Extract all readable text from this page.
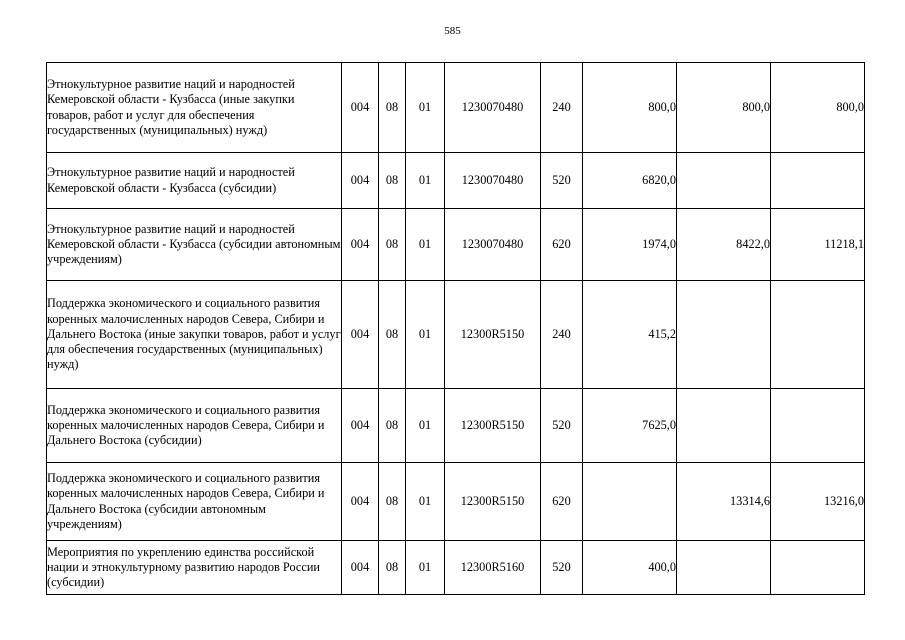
585
Этнокультурное развитие наций и народностей Кемеровской области - Кузбасса (иные закупки товаров, работ и услуг для обеспечения государственных (муниципальных) нужд)	004	08	01	1230070480	240	800,0	800,0	800,0
Этнокультурное развитие наций и народностей Кемеровской области - Кузбасса (субсидии)	004	08	01	1230070480	520	6820,0		
Этнокультурное развитие наций и народностей Кемеровской области - Кузбасса (субсидии автономным учреждениям)	004	08	01	1230070480	620	1974,0	8422,0	11218,1
Поддержка экономического и социального развития коренных малочисленных народов Севера, Сибири и Дальнего Востока (иные закупки товаров, работ и услуг для обеспечения государственных (муниципальных) нужд)	004	08	01	12300R5150	240	415,2		
Поддержка экономического и социального развития коренных малочисленных народов Севера, Сибири и Дальнего Востока (субсидии)	004	08	01	12300R5150	520	7625,0		
Поддержка экономического и социального развития коренных малочисленных народов Севера, Сибири и Дальнего Востока (субсидии автономным учреждениям)	004	08	01	12300R5150	620		13314,6	13216,0
Мероприятия по укреплению единства российской нации и этнокультурному развитию народов России (субсидии)	004	08	01	12300R5160	520	400,0		
